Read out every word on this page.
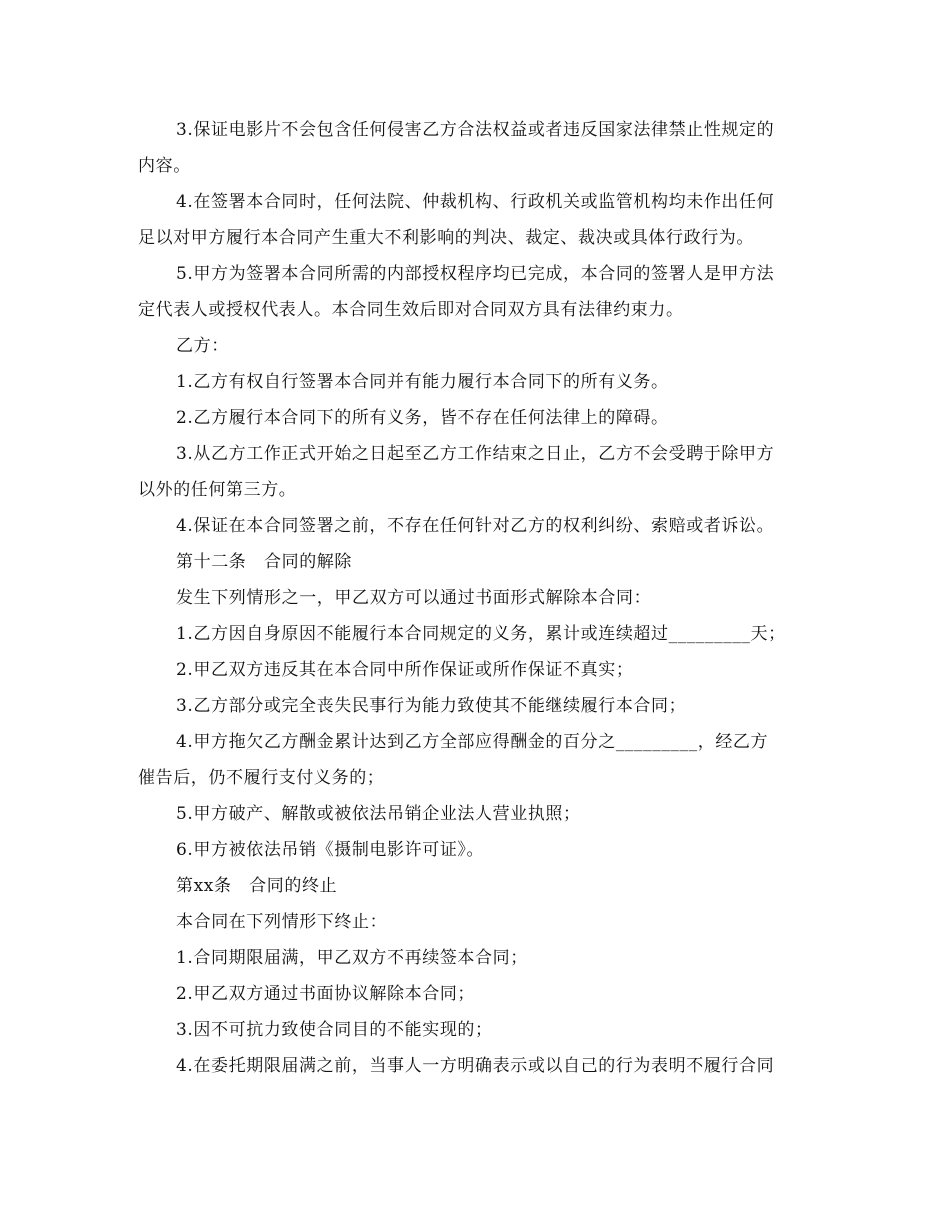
3.保证电影片不会包含任何侵害乙方合法权益或者违反国家法律禁止性规定的
内容。
4.在签署本合同时，任何法院、仲裁机构、行政机关或监管机构均未作出任何
足以对甲方履行本合同产生重大不利影响的判决、裁定、裁决或具体行政行为。
5.甲方为签署本合同所需的内部授权程序均已完成，本合同的签署人是甲方法
定代表人或授权代表人。本合同生效后即对合同双方具有法律约束力。
乙方：
1.乙方有权自行签署本合同并有能力履行本合同下的所有义务。
2.乙方履行本合同下的所有义务，皆不存在任何法律上的障碍。
3.从乙方工作正式开始之日起至乙方工作结束之日止，乙方不会受聘于除甲方
以外的任何第三方。
4.保证在本合同签署之前，不存在任何针对乙方的权利纠纷、索赔或者诉讼。
第十二条　合同的解除
发生下列情形之一，甲乙双方可以通过书面形式解除本合同：
1.乙方因自身原因不能履行本合同规定的义务，累计或连续超过_________天；
2.甲乙双方违反其在本合同中所作保证或所作保证不真实；
3.乙方部分或完全丧失民事行为能力致使其不能继续履行本合同；
4.甲方拖欠乙方酬金累计达到乙方全部应得酬金的百分之_________，经乙方
催告后，仍不履行支付义务的；
5.甲方破产、解散或被依法吊销企业法人营业执照；
6.甲方被依法吊销《摄制电影许可证》。
第xx条　合同的终止
本合同在下列情形下终止：
1.合同期限届满，甲乙双方不再续签本合同；
2.甲乙双方通过书面协议解除本合同；
3.因不可抗力致使合同目的不能实现的；
4.在委托期限届满之前，当事人一方明确表示或以自己的行为表明不履行合同
